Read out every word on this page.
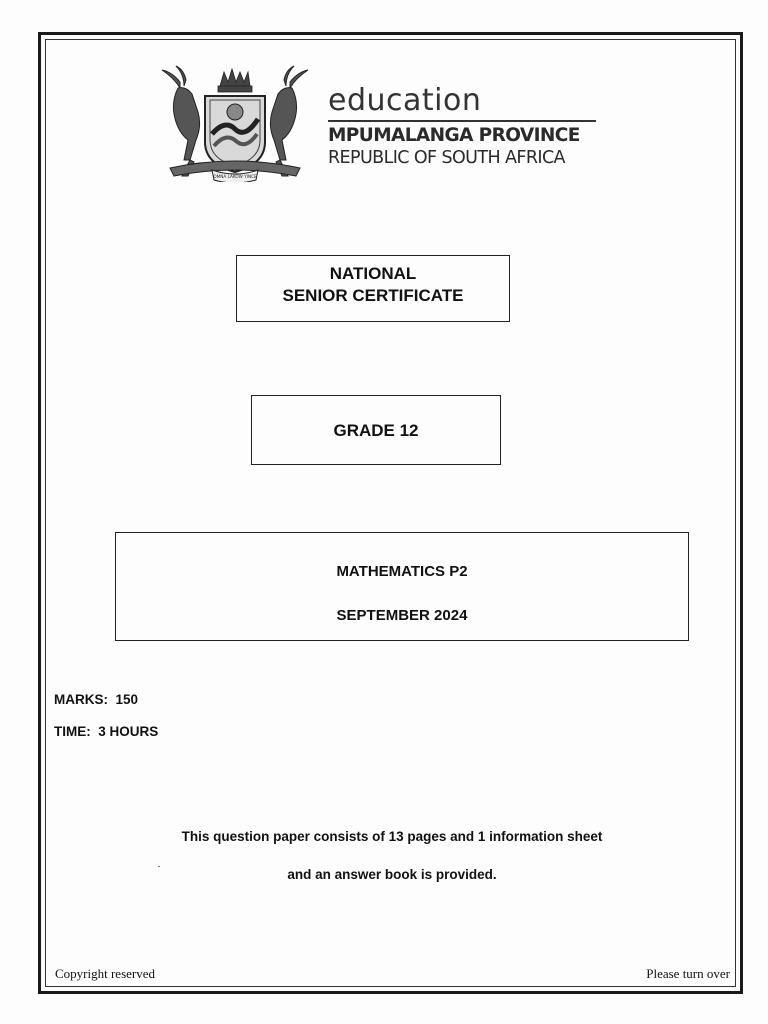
OMNA LAKOW YINCE
education
MPUMALANGA PROVINCE
REPUBLIC OF SOUTH AFRICA
NATIONAL
SENIOR CERTIFICATE
GRADE 12
MATHEMATICS P2
SEPTEMBER 2024
MARKS:  150
TIME:  3 HOURS
This question paper consists of 13 pages and 1 information sheet
and an answer book is provided.
Copyright reserved	Please turn over
